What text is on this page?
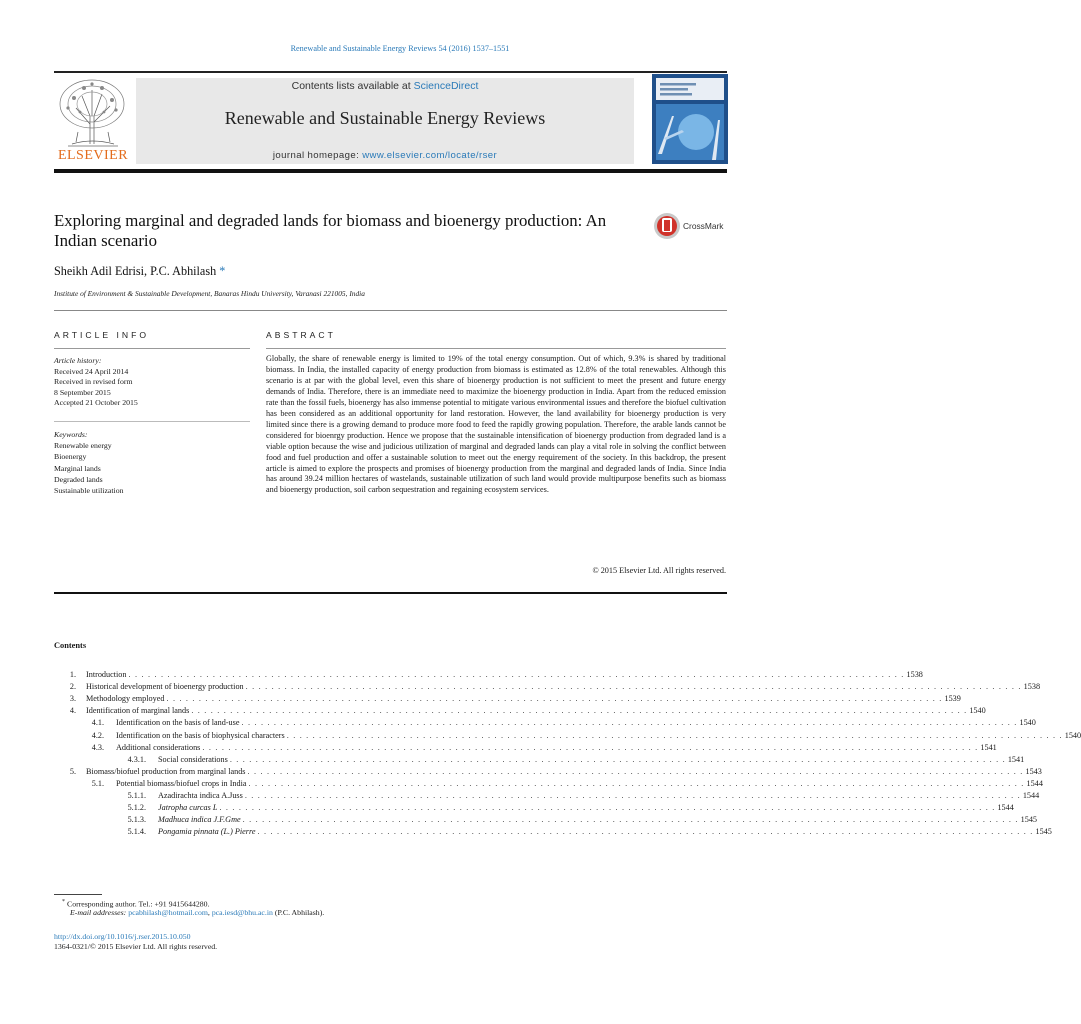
Renewable and Sustainable Energy Reviews 54 (2016) 1537–1551
ELSEVIER
Contents lists available at ScienceDirect
Renewable and Sustainable Energy Reviews
journal homepage: www.elsevier.com/locate/rser
Exploring marginal and degraded lands for biomass and bioenergy production: An Indian scenario
CrossMark
Sheikh Adil Edrisi, P.C. Abhilash *
Institute of Environment & Sustainable Development, Banaras Hindu University, Varanasi 221005, India
ARTICLE INFO	ABSTRACT
Article history:
Received 24 April 2014
Received in revised form
8 September 2015
Accepted 21 October 2015
Keywords:
Renewable energy
Bioenergy
Marginal lands
Degraded lands
Sustainable utilization
Globally, the share of renewable energy is limited to 19% of the total energy consumption. Out of which, 9.3% is shared by traditional biomass. In India, the installed capacity of energy production from biomass is estimated as 12.8% of the total renewables. Although this scenario is at par with the global level, even this share of bioenergy production is not sufficient to meet the present and future energy demands of India. Therefore, there is an immediate need to maximize the bioenergy production in India. Apart from the reduced emission rate than the fossil fuels, bioenergy has also immense potential to mitigate various environmental issues and therefore the biofuel cultivation has been considered as an additional opportunity for land restoration. However, the land availability for bioenergy production is very limited since there is a growing demand to produce more food to feed the rapidly growing population. Therefore, the arable lands cannot be considered for bioenrgy production. Hence we propose that the sustainable intensification of bioenergy production from degraded land is a viable option because the wise and judicious utilization of marginal and degraded lands can play a vital role in solving the conflict between food and fuel production and offer a sustainable solution to meet out the energy requirement of the society. In this backdrop, the present article is aimed to explore the prospects and promises of bioenergy production from the marginal and degraded lands of India. Since India has around 39.24 million hectares of wastelands, sustainable utilization of such land would provide multipurpose benefits such as biomass and bioenergy production, soil carbon sequestration and regaining ecosystem services.
© 2015 Elsevier Ltd. All rights reserved.
Contents
1. Introduction . . . . . . . . . . . . . . . . . . . . . . . . . . . . . . . . . . . . . . . . . . . . . . . . . . . . . . . . . . . . . . . . . . . . . . . . . . . . . . . . . . . . . . . . . . . . . . . . . . . . . . . . . . . . . . . . . . . . . . . . 1538
2. Historical development of bioenergy production . . . . . . . . . . . . . . . . . . . . . . . . . . . . . . . . . . . . . . . . . . . . . . . . . . . . . . . . . . . . . . . . . . . . . . . . . . . . . . . . . . . . . . . . . . . . . . . . . . . . . . . . . . . . . . . . . . . . . . . . 1538
3. Methodology employed . . . . . . . . . . . . . . . . . . . . . . . . . . . . . . . . . . . . . . . . . . . . . . . . . . . . . . . . . . . . . . . . . . . . . . . . . . . . . . . . . . . . . . . . . . . . . . . . . . . . . . . . . . . . . . . . . . . . . . . . 1539
4. Identification of marginal lands . . . . . . . . . . . . . . . . . . . . . . . . . . . . . . . . . . . . . . . . . . . . . . . . . . . . . . . . . . . . . . . . . . . . . . . . . . . . . . . . . . . . . . . . . . . . . . . . . . . . . . . . . . . . . . . . . . . . . . . . 1540
4.1. Identification on the basis of land-use . . . . . . . . . . . . . . . . . . . . . . . . . . . . . . . . . . . . . . . . . . . . . . . . . . . . . . . . . . . . . . . . . . . . . . . . . . . . . . . . . . . . . . . . . . . . . . . . . . . . . . . . . . . . . . . . . . . . . . . . 1540
4.2. Identification on the basis of biophysical characters . . . . . . . . . . . . . . . . . . . . . . . . . . . . . . . . . . . . . . . . . . . . . . . . . . . . . . . . . . . . . . . . . . . . . . . . . . . . . . . . . . . . . . . . . . . . . . . . . . . . . . . . . . . . . . . . . . . . . . . . 1540
4.3. Additional considerations . . . . . . . . . . . . . . . . . . . . . . . . . . . . . . . . . . . . . . . . . . . . . . . . . . . . . . . . . . . . . . . . . . . . . . . . . . . . . . . . . . . . . . . . . . . . . . . . . . . . . . . . . . . . . . . . . . . . . . . . 1541
4.3.1. Social considerations . . . . . . . . . . . . . . . . . . . . . . . . . . . . . . . . . . . . . . . . . . . . . . . . . . . . . . . . . . . . . . . . . . . . . . . . . . . . . . . . . . . . . . . . . . . . . . . . . . . . . . . . . . . . . . . . . . . . . . . . 1541
5. Biomass/biofuel production from marginal lands . . . . . . . . . . . . . . . . . . . . . . . . . . . . . . . . . . . . . . . . . . . . . . . . . . . . . . . . . . . . . . . . . . . . . . . . . . . . . . . . . . . . . . . . . . . . . . . . . . . . . . . . . . . . . . . . . . . . . . . . 1543
5.1. Potential biomass/biofuel crops in India . . . . . . . . . . . . . . . . . . . . . . . . . . . . . . . . . . . . . . . . . . . . . . . . . . . . . . . . . . . . . . . . . . . . . . . . . . . . . . . . . . . . . . . . . . . . . . . . . . . . . . . . . . . . . . . . . . . . . . . . 1544
5.1.1. Azadirachta indica A.Juss . . . . . . . . . . . . . . . . . . . . . . . . . . . . . . . . . . . . . . . . . . . . . . . . . . . . . . . . . . . . . . . . . . . . . . . . . . . . . . . . . . . . . . . . . . . . . . . . . . . . . . . . . . . . . . . . . . . . . . . . 1544
5.1.2. Jatropha curcas L . . . . . . . . . . . . . . . . . . . . . . . . . . . . . . . . . . . . . . . . . . . . . . . . . . . . . . . . . . . . . . . . . . . . . . . . . . . . . . . . . . . . . . . . . . . . . . . . . . . . . . . . . . . . . . . . . . . . . . . . 1544
5.1.3. Madhuca indica J.F.Gme . . . . . . . . . . . . . . . . . . . . . . . . . . . . . . . . . . . . . . . . . . . . . . . . . . . . . . . . . . . . . . . . . . . . . . . . . . . . . . . . . . . . . . . . . . . . . . . . . . . . . . . . . . . . . . . . . . . . . . . . 1545
5.1.4. Pongamia pinnata (L.) Pierre . . . . . . . . . . . . . . . . . . . . . . . . . . . . . . . . . . . . . . . . . . . . . . . . . . . . . . . . . . . . . . . . . . . . . . . . . . . . . . . . . . . . . . . . . . . . . . . . . . . . . . . . . . . . . . . . . . . . . . . . 1545
* Corresponding author. Tel.: +91 9415644280.
E-mail addresses: pcabhilash@hotmail.com, pca.iesd@bhu.ac.in (P.C. Abhilash).
http://dx.doi.org/10.1016/j.rser.2015.10.050
1364-0321/© 2015 Elsevier Ltd. All rights reserved.
